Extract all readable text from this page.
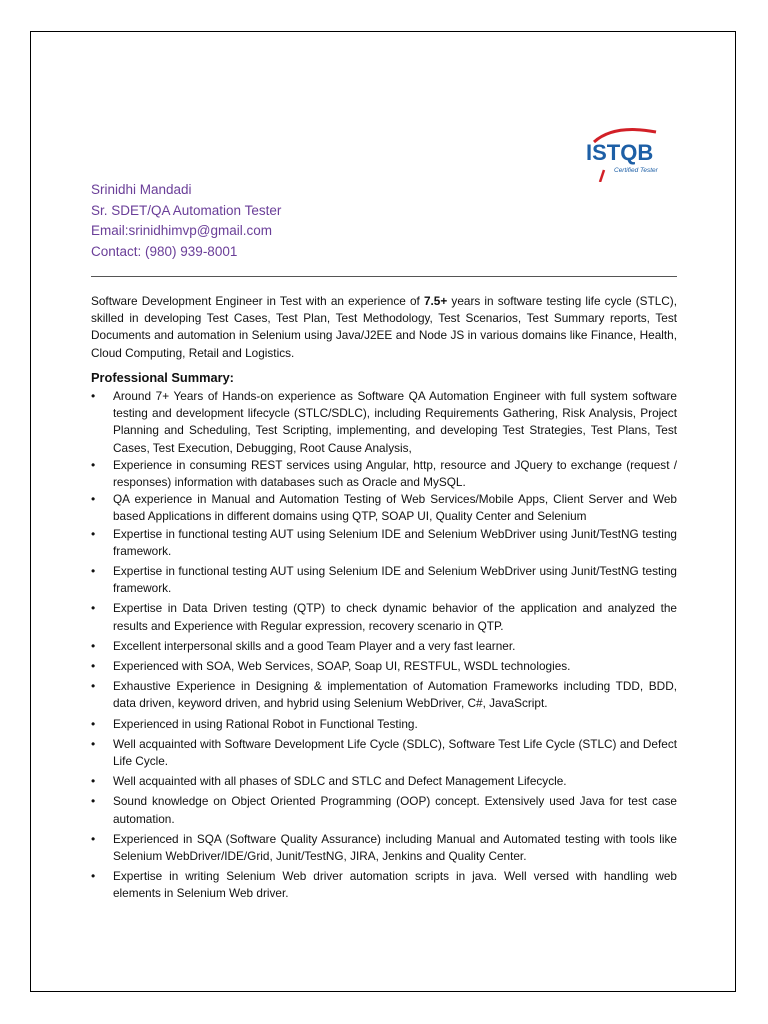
ISTQB
Certified Tester
Srinidhi Mandadi
Sr. SDET/QA Automation Tester
Email:srinidhimvp@gmail.com
Contact: (980) 939-8001

Software Development Engineer in Test with an experience of 7.5+ years in software testing life cycle (STLC), skilled in developing Test Cases, Test Plan, Test Methodology, Test Scenarios, Test Summary reports, Test Documents and automation in Selenium using Java/J2EE and Node JS in various domains like Finance, Health, Cloud Computing, Retail and Logistics.

Professional Summary:
• Around 7+ Years of Hands-on experience as Software QA Automation Engineer with full system software testing and development lifecycle (STLC/SDLC), including Requirements Gathering, Risk Analysis, Project Planning and Scheduling, Test Scripting, implementing, and developing Test Strategies, Test Plans, Test Cases, Test Execution, Debugging, Root Cause Analysis,
• Experience in consuming REST services using Angular, http, resource and JQuery to exchange (request / responses) information with databases such as Oracle and MySQL.
• QA experience in Manual and Automation Testing of Web Services/Mobile Apps, Client Server and Web based Applications in different domains using QTP, SOAP UI, Quality Center and Selenium
• Expertise in functional testing AUT using Selenium IDE and Selenium WebDriver using Junit/TestNG testing framework.
• Expertise in functional testing AUT using Selenium IDE and Selenium WebDriver using Junit/TestNG testing framework.
• Expertise in Data Driven testing (QTP) to check dynamic behavior of the application and analyzed the results and Experience with Regular expression, recovery scenario in QTP.
• Excellent interpersonal skills and a good Team Player and a very fast learner.
• Experienced with SOA, Web Services, SOAP, Soap UI, RESTFUL, WSDL technologies.
• Exhaustive Experience in Designing & implementation of Automation Frameworks including TDD, BDD, data driven, keyword driven, and hybrid using Selenium WebDriver, C#, JavaScript.
• Experienced in using Rational Robot in Functional Testing.
• Well acquainted with Software Development Life Cycle (SDLC), Software Test Life Cycle (STLC) and Defect Life Cycle.
• Well acquainted with all phases of SDLC and STLC and Defect Management Lifecycle.
• Sound knowledge on Object Oriented Programming (OOP) concept. Extensively used Java for test case automation.
• Experienced in SQA (Software Quality Assurance) including Manual and Automated testing with tools like Selenium WebDriver/IDE/Grid, Junit/TestNG, JIRA, Jenkins and Quality Center.
• Expertise in writing Selenium Web driver automation scripts in java. Well versed with handling web elements in Selenium Web driver.
